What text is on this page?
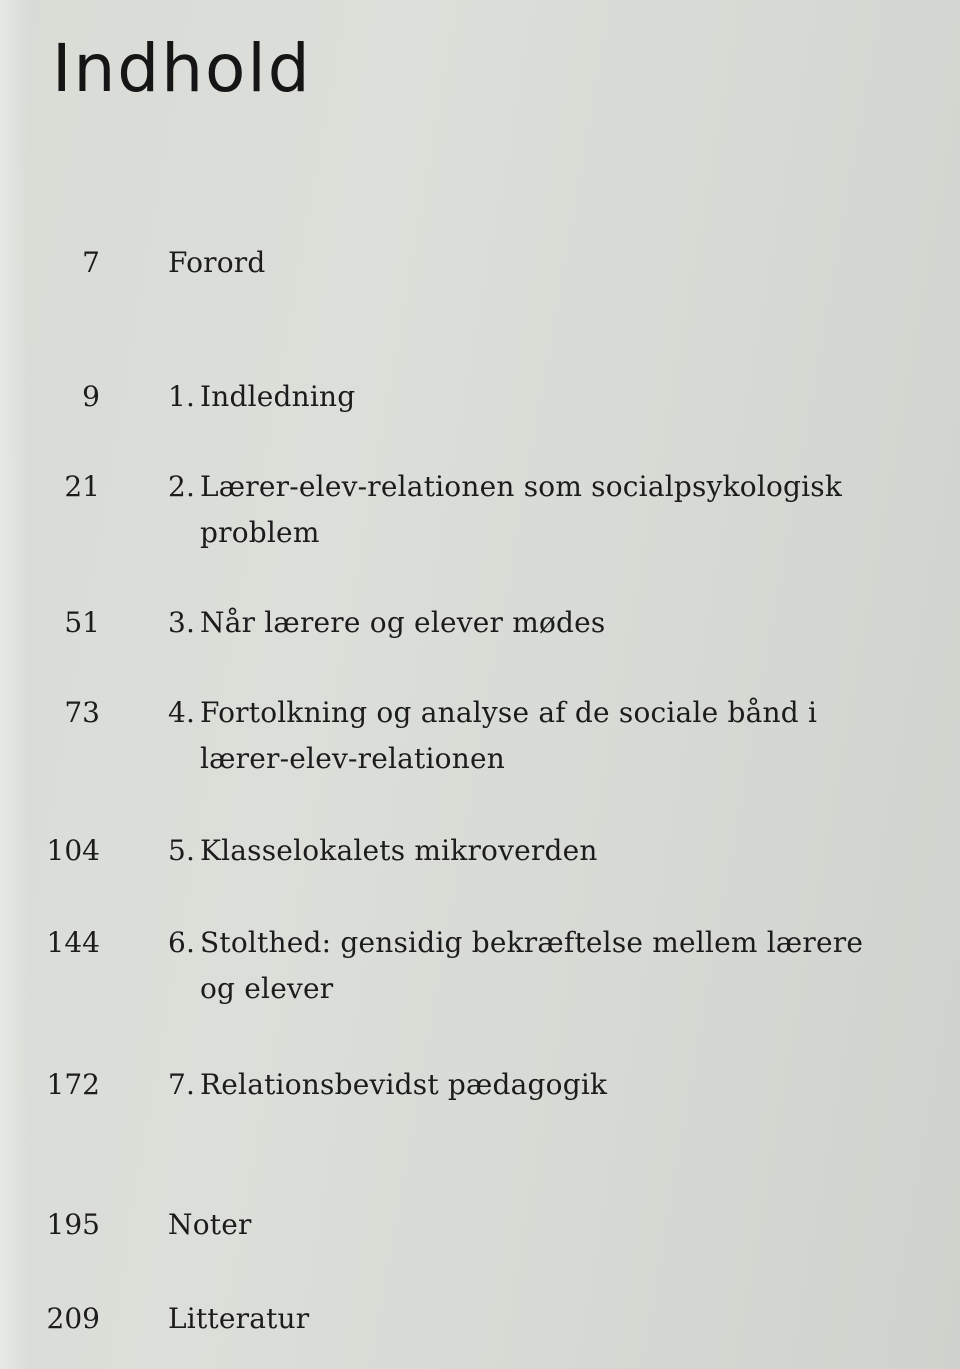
Indhold
7 Forord
9 1. Indledning
21 2. Lærer-elev-relationen som socialpsykologisk
problem
51 3. Når lærere og elever mødes
73 4. Fortolkning og analyse af de sociale bånd i
lærer-elev-relationen
104 5. Klasselokalets mikroverden
144 6. Stolthed: gensidig bekræftelse mellem lærere
og elever
172 7. Relationsbevidst pædagogik
195 Noter
209 Litteratur
